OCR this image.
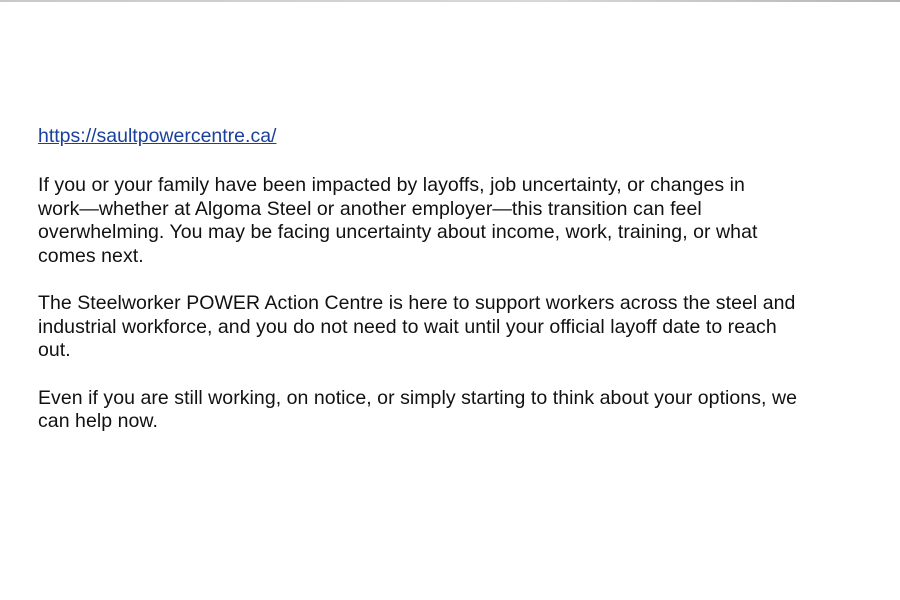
https://saultpowercentre.ca/
If you or your family have been impacted by layoffs, job uncertainty, or changes in
work—whether at Algoma Steel or another employer—this transition can feel
overwhelming. You may be facing uncertainty about income, work, training, or what
comes next.
The Steelworker POWER Action Centre is here to support workers across the steel and
industrial workforce, and you do not need to wait until your official layoff date to reach
out.
Even if you are still working, on notice, or simply starting to think about your options, we
can help now.
